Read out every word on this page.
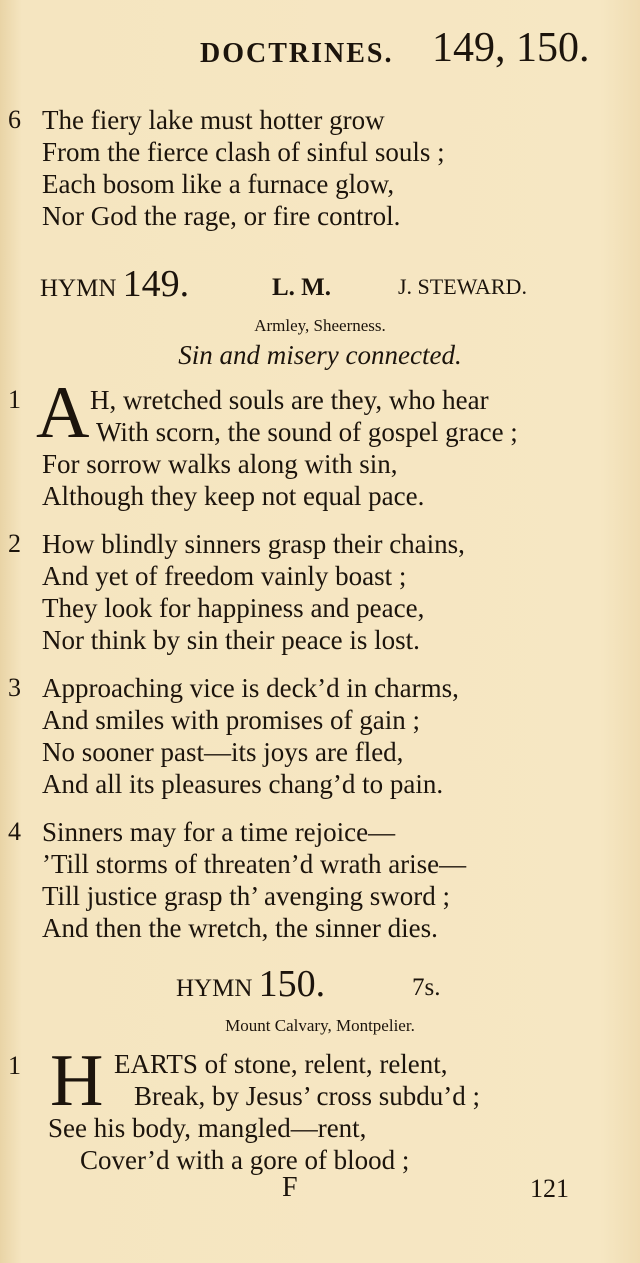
DOCTRINES. 149, 150.
6 The fiery lake must hotter grow
From the fierce clash of sinful souls ;
Each bosom like a furnace glow,
Nor God the rage, or fire control.
HYMN 149.	L. M.	J. STEWARD.
Armley, Sheerness.
Sin and misery connected.
1 A H, wretched souls are they, who hear
With scorn, the sound of gospel grace ;
For sorrow walks along with sin,
Although they keep not equal pace.
2 How blindly sinners grasp their chains,
And yet of freedom vainly boast ;
They look for happiness and peace,
Nor think by sin their peace is lost.
3 Approaching vice is deck’d in charms,
And smiles with promises of gain ;
No sooner past—its joys are fled,
And all its pleasures chang’d to pain.
4 Sinners may for a time rejoice—
’Till storms of threaten’d wrath arise—
Till justice grasp th’ avenging sword ;
And then the wretch, the sinner dies.
HYMN 150.	7s.
Mount Calvary, Montpelier.
1 H EARTS of stone, relent, relent,
Break, by Jesus’ cross subdu’d ;
See his body, mangled—rent,
Cover’d with a gore of blood ;
F	121
